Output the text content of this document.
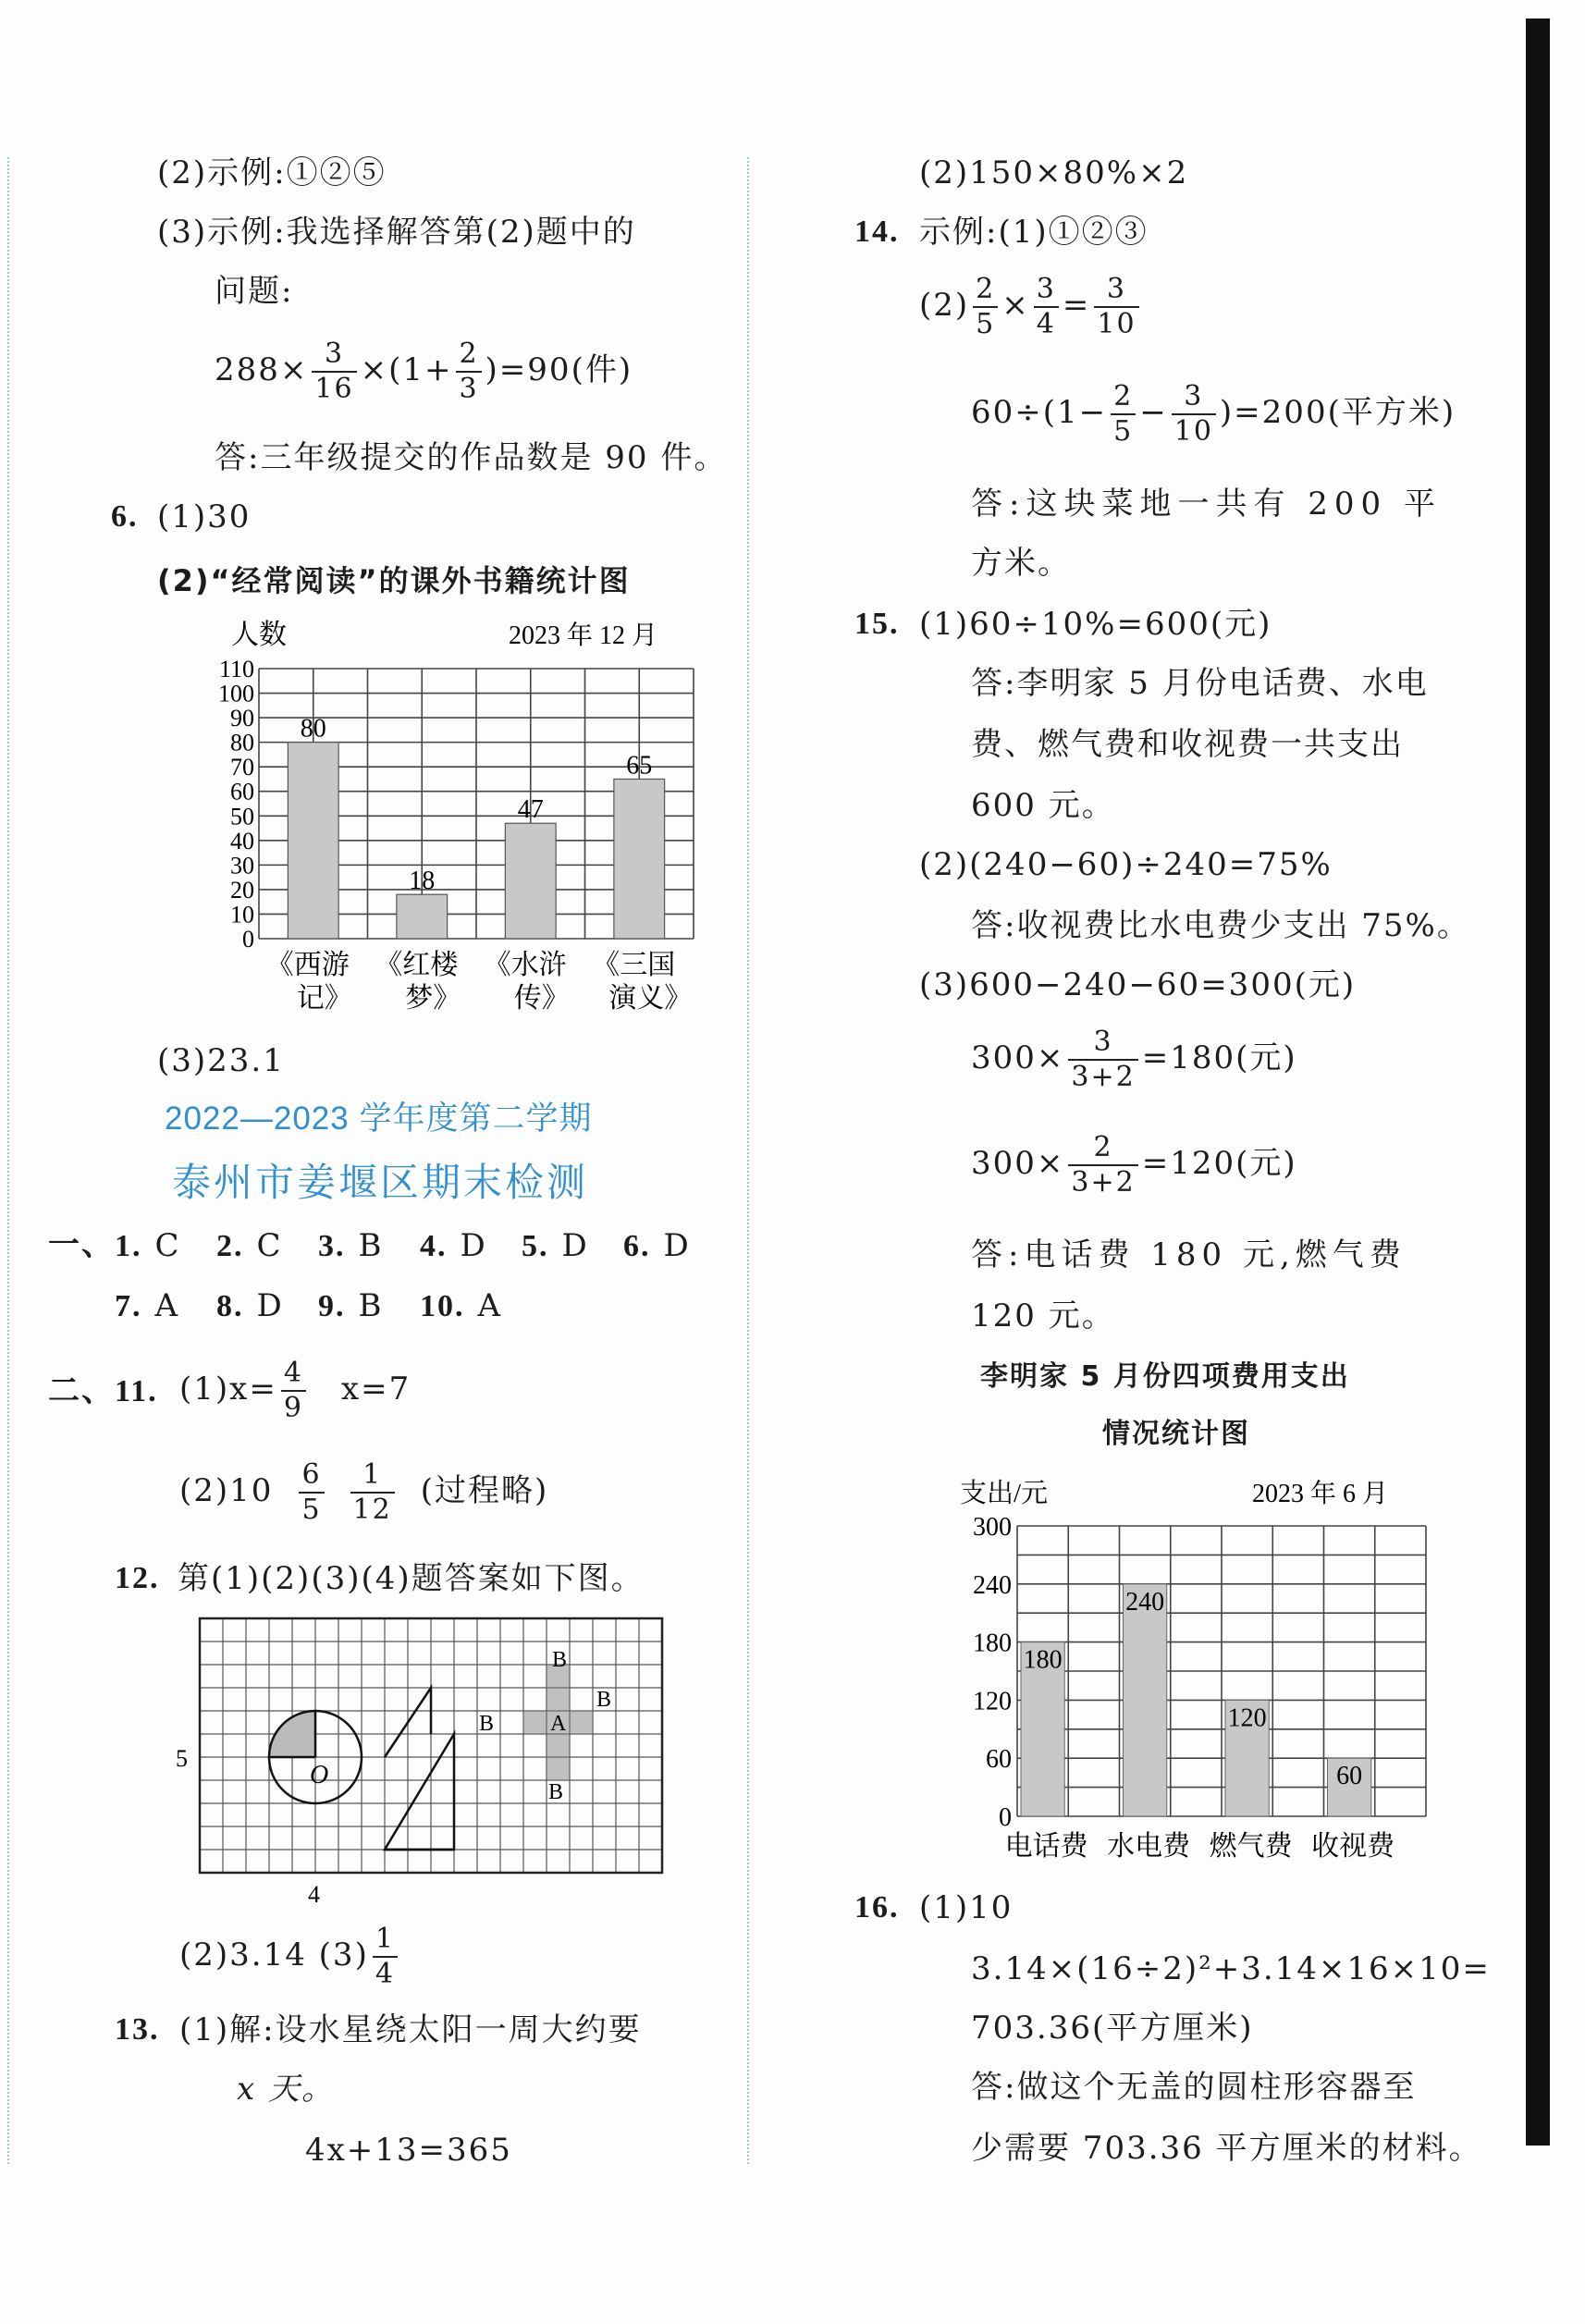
(2)示例:①②⑤
(3)示例:我选择解答第(2)题中的
问题:
$288\times \frac{3}{16} \times(1+ \frac{2}{3} )=90$(件)
答:三年级提交的作品数是 90 件。
6. (1)30
(2)“经常阅读”的课外书籍统计图
人数	2023 年 12 月
0
10
20
30
40
50
60
70
80
90
100
110
80
18
47
65
《西游记》
《红楼梦》
《水浒传》
《三国演义》
(3)23.1
2022—2023 学年度第二学期
泰州市姜堰区期末检测
一、 1. C 2. C 3. B 4. D 5. D 6. D
7. A 8. D 9. B 10. A
二、 11. $(1)x= \frac{4}{9} x=7$
$(2)10 \frac{6}{5} \frac{1}{12}$ (过程略)
12. 第(1)(2)(3)(4)题答案如下图。
O
A
B
B
B
B
5
4
(2)3.14 $(3) \frac{1}{4}$
13. (1)解:设水星绕太阳一周大约要
x 天。
4x+13=365
(2)150×80%×2
14. 示例:(1)①②③
$(2) \frac{2}{5} \times \frac{3}{4} = \frac{3}{10}$
$60\div(1- \frac{2}{5} - \frac{3}{10} )=200$(平方米)
答:这块菜地一共有 200 平
方米。
15. (1)60÷10%=600(元)
答:李明家 5 月份电话费、水电
费、燃气费和收视费一共支出
600 元。
(2)(240−60)÷240=75%
答:收视费比水电费少支出 75%。
(3)600−240−60=300(元)
$300\times \frac{3}{3+2} =180$(元)
$300\times \frac{2}{3+2} =120$(元)
答:电话费 180 元,燃气费
120 元。
李明家 5 月份四项费用支出
情况统计图
支出/元	2023 年 6 月
0
60
120
180
240
300
180
240
120
60
电话费 水电费 燃气费 收视费
16. (1)10
3.14×(16÷2)²+3.14×16×10=
703.36(平方厘米)
答:做这个无盖的圆柱形容器至
少需要 703.36 平方厘米的材料。
